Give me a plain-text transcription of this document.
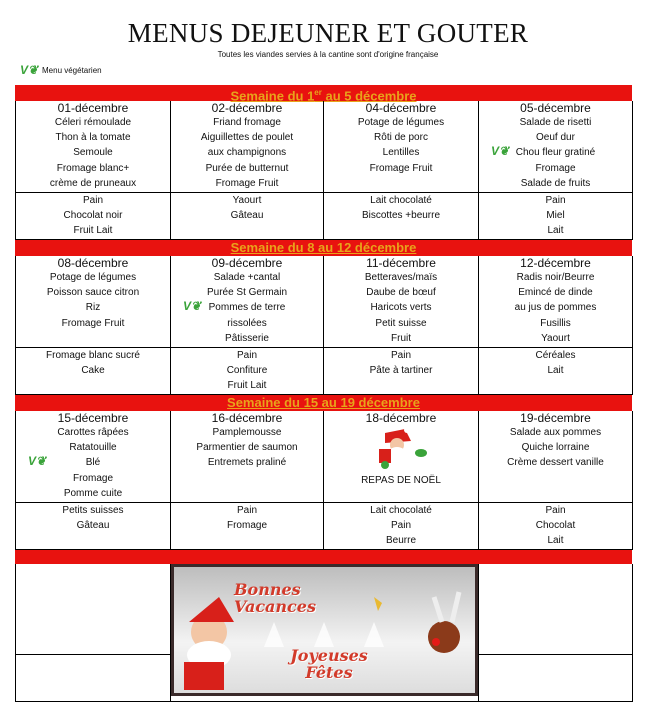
MENUS DEJEUNER ET GOUTER
Toutes les viandes servies à la cantine sont d'origine française
V❦ Menu végétarien
Semaine du 1er au 5 décembre
01-décembre
Céleri rémoulade
Thon à la tomate
Semoule
Fromage blanc+
crème de pruneaux
02-décembre
Friand fromage
Aiguillettes de poulet
aux champignons
Purée de butternut
Fromage Fruit
04-décembre
Potage de légumes
Rôti de porc
Lentilles
Fromage Fruit
05-décembre
V❦
Salade de risetti
Oeuf dur
Chou fleur gratiné
Fromage
Salade de fruits
Pain
Chocolat noir
Fruit Lait
Yaourt
Gâteau
Lait chocolaté
Biscottes +beurre
Pain
Miel
Lait
Semaine du 8 au 12 décembre
08-décembre
Potage de légumes
Poisson sauce citron
Riz
Fromage Fruit
09-décembre
V❦
Salade +cantal
Purée St Germain
Pommes de terre
rissolées
Pâtisserie
11-décembre
Betteraves/maïs
Daube de bœuf
Haricots verts
Petit suisse
Fruit
12-décembre
Radis noir/Beurre
Emincé de dinde
au jus de pommes
Fusillis
Yaourt
Fromage blanc sucré
Cake
Pain
Confiture
Fruit Lait
Pain
Pâte à tartiner
Céréales
Lait
Semaine du 15 au 19 décembre
15-décembre
V❦
Carottes râpées
Ratatouille
Blé
Fromage
Pomme cuite
16-décembre
Pamplemousse
Parmentier de saumon
Entremets praliné
18-décembre
REPAS DE NOËL
19-décembre
Salade aux pommes
Quiche lorraine
Crème dessert vanille
Petits suisses
Gâteau
Pain
Fromage
Lait chocolaté
Pain
Beurre
Pain
Chocolat
Lait
Bonnes Vacances
Joyeuses Fêtes
